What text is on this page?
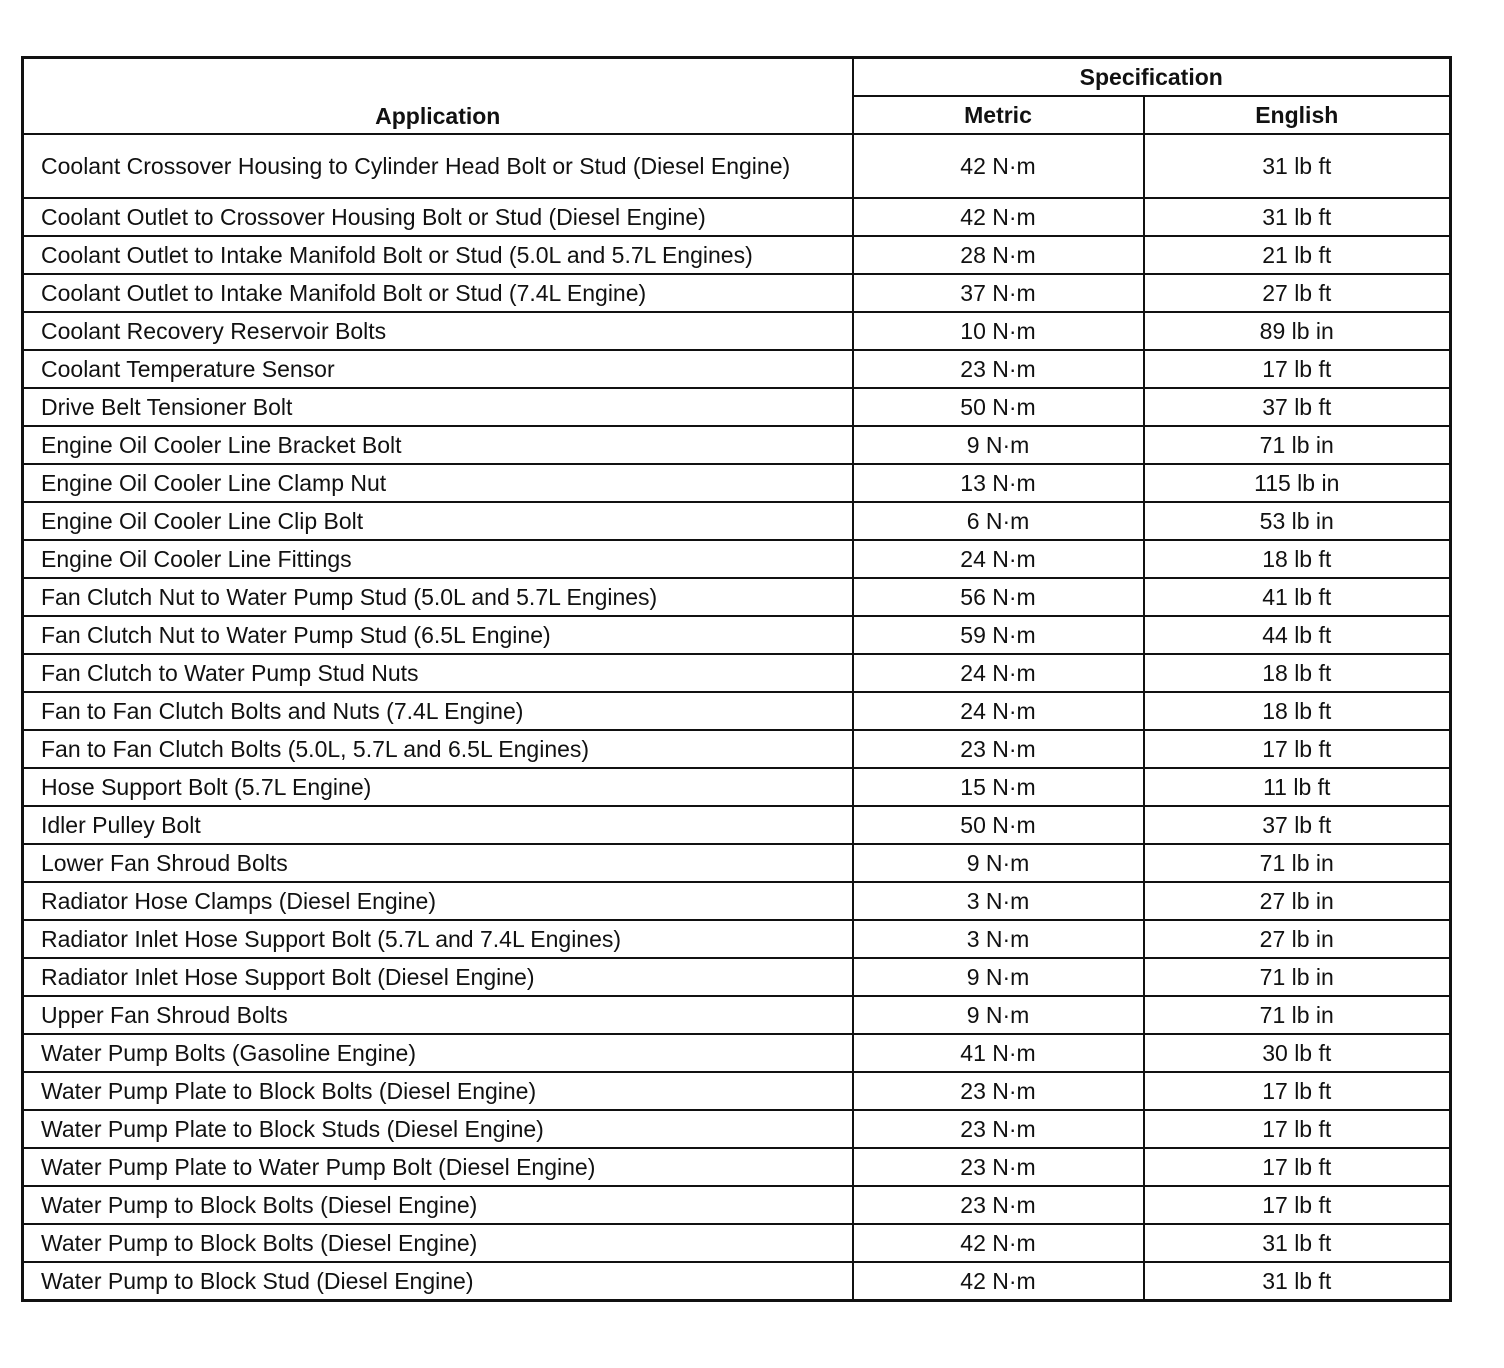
Application	Specification	
	Metric	English
Coolant Crossover Housing to Cylinder Head Bolt or Stud (Diesel Engine)	42 N·m	31 lb ft
Coolant Outlet to Crossover Housing Bolt or Stud (Diesel Engine)	42 N·m	31 lb ft
Coolant Outlet to Intake Manifold Bolt or Stud (5.0L and 5.7L Engines)	28 N·m	21 lb ft
Coolant Outlet to Intake Manifold Bolt or Stud (7.4L Engine)	37 N·m	27 lb ft
Coolant Recovery Reservoir Bolts	10 N·m	89 lb in
Coolant Temperature Sensor	23 N·m	17 lb ft
Drive Belt Tensioner Bolt	50 N·m	37 lb ft
Engine Oil Cooler Line Bracket Bolt	9 N·m	71 lb in
Engine Oil Cooler Line Clamp Nut	13 N·m	115 lb in
Engine Oil Cooler Line Clip Bolt	6 N·m	53 lb in
Engine Oil Cooler Line Fittings	24 N·m	18 lb ft
Fan Clutch Nut to Water Pump Stud (5.0L and 5.7L Engines)	56 N·m	41 lb ft
Fan Clutch Nut to Water Pump Stud (6.5L Engine)	59 N·m	44 lb ft
Fan Clutch to Water Pump Stud Nuts	24 N·m	18 lb ft
Fan to Fan Clutch Bolts and Nuts (7.4L Engine)	24 N·m	18 lb ft
Fan to Fan Clutch Bolts (5.0L, 5.7L and 6.5L Engines)	23 N·m	17 lb ft
Hose Support Bolt (5.7L Engine)	15 N·m	11 lb ft
Idler Pulley Bolt	50 N·m	37 lb ft
Lower Fan Shroud Bolts	9 N·m	71 lb in
Radiator Hose Clamps (Diesel Engine)	3 N·m	27 lb in
Radiator Inlet Hose Support Bolt (5.7L and 7.4L Engines)	3 N·m	27 lb in
Radiator Inlet Hose Support Bolt (Diesel Engine)	9 N·m	71 lb in
Upper Fan Shroud Bolts	9 N·m	71 lb in
Water Pump Bolts (Gasoline Engine)	41 N·m	30 lb ft
Water Pump Plate to Block Bolts (Diesel Engine)	23 N·m	17 lb ft
Water Pump Plate to Block Studs (Diesel Engine)	23 N·m	17 lb ft
Water Pump Plate to Water Pump Bolt (Diesel Engine)	23 N·m	17 lb ft
Water Pump to Block Bolts (Diesel Engine)	23 N·m	17 lb ft
Water Pump to Block Bolts (Diesel Engine)	42 N·m	31 lb ft
Water Pump to Block Stud (Diesel Engine)	42 N·m	31 lb ft
